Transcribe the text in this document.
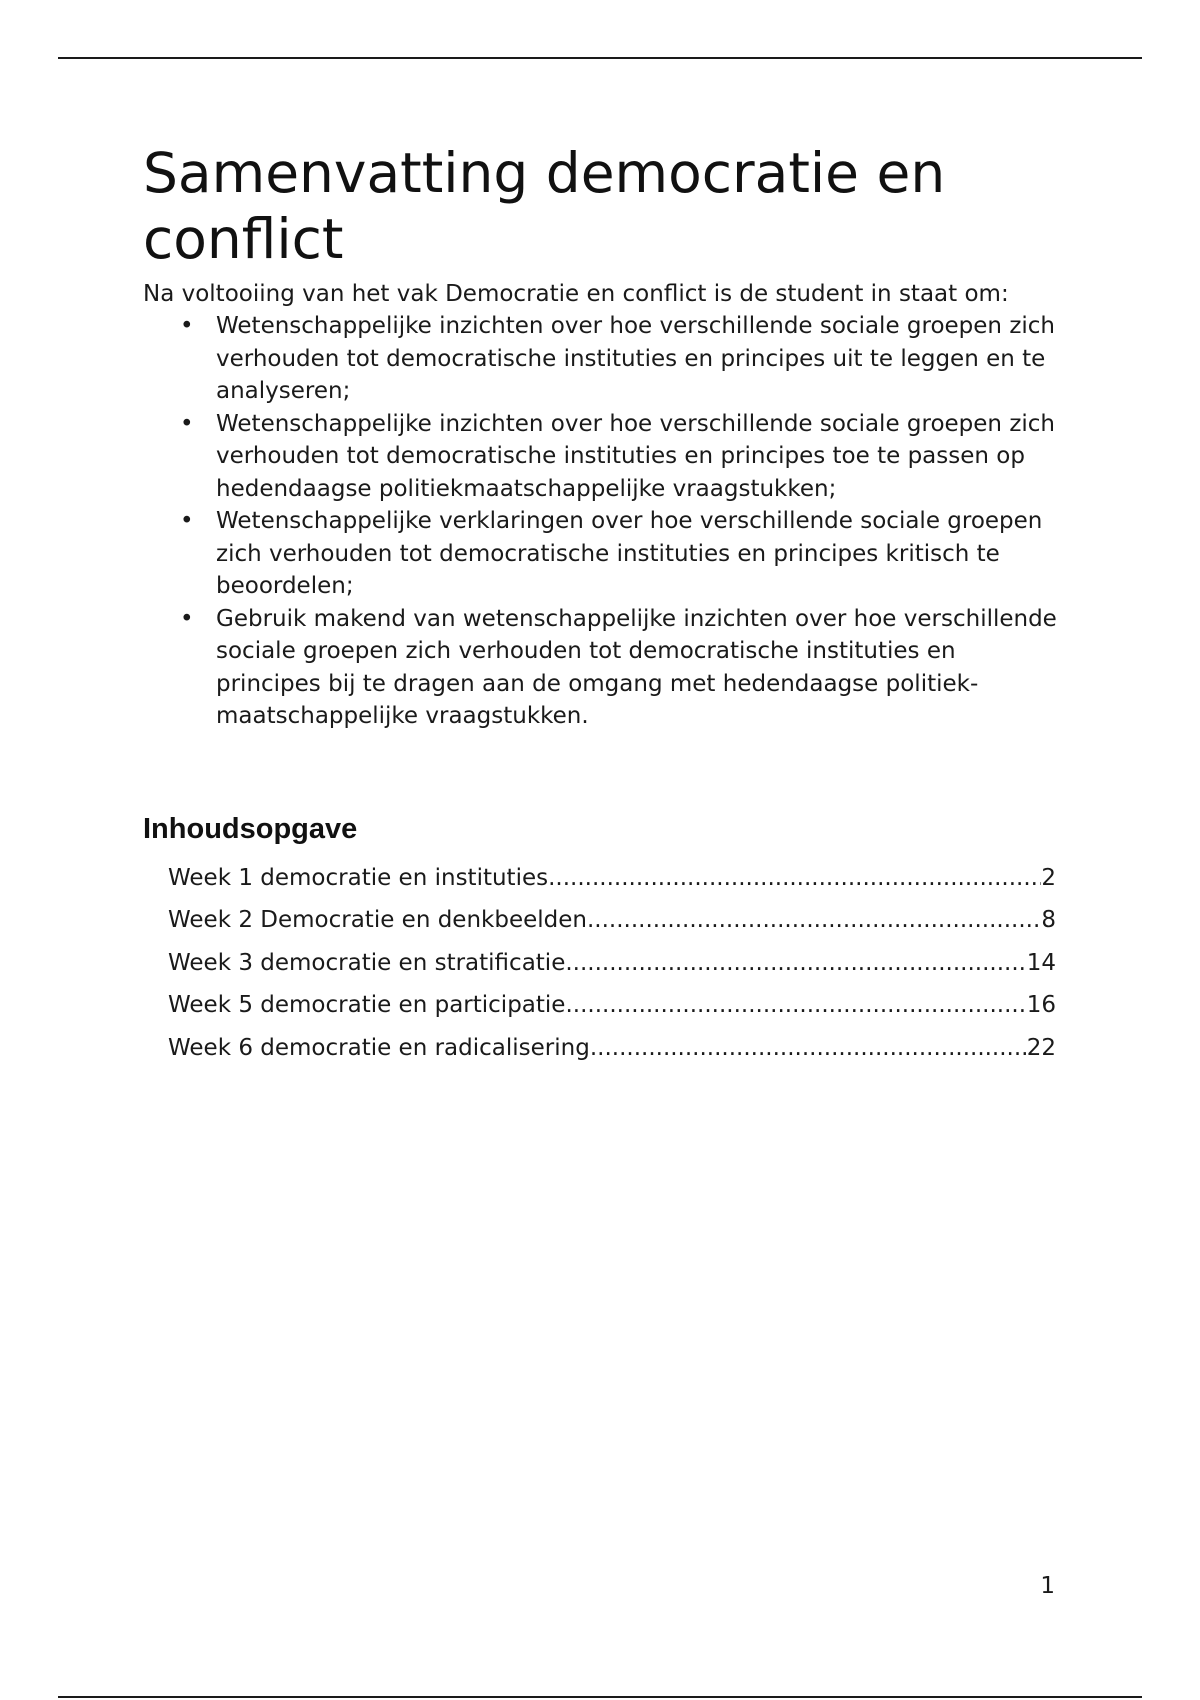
Samenvatting democratie en conflict

Na voltooiing van het vak Democratie en conflict is de student in staat om:

• Wetenschappelijke inzichten over hoe verschillende sociale groepen zich verhouden tot democratische instituties en principes uit te leggen en te analyseren;
• Wetenschappelijke inzichten over hoe verschillende sociale groepen zich verhouden tot democratische instituties en principes toe te passen op hedendaagse politiekmaatschappelijke vraagstukken;
• Wetenschappelijke verklaringen over hoe verschillende sociale groepen zich verhouden tot democratische instituties en principes kritisch te beoordelen;
• Gebruik makend van wetenschappelijke inzichten over hoe verschillende sociale groepen zich verhouden tot democratische instituties en principes bij te dragen aan de omgang met hedendaagse politiek-maatschappelijke vraagstukken.
Inhoudsopgave
Week 1 democratie en instituties .....	2
Week 2 Democratie en denkbeelden .....	8
Week 3 democratie en stratificatie .....	14
Week 5 democratie en participatie .....	16
Week 6 democratie en radicalisering .....	22
1
